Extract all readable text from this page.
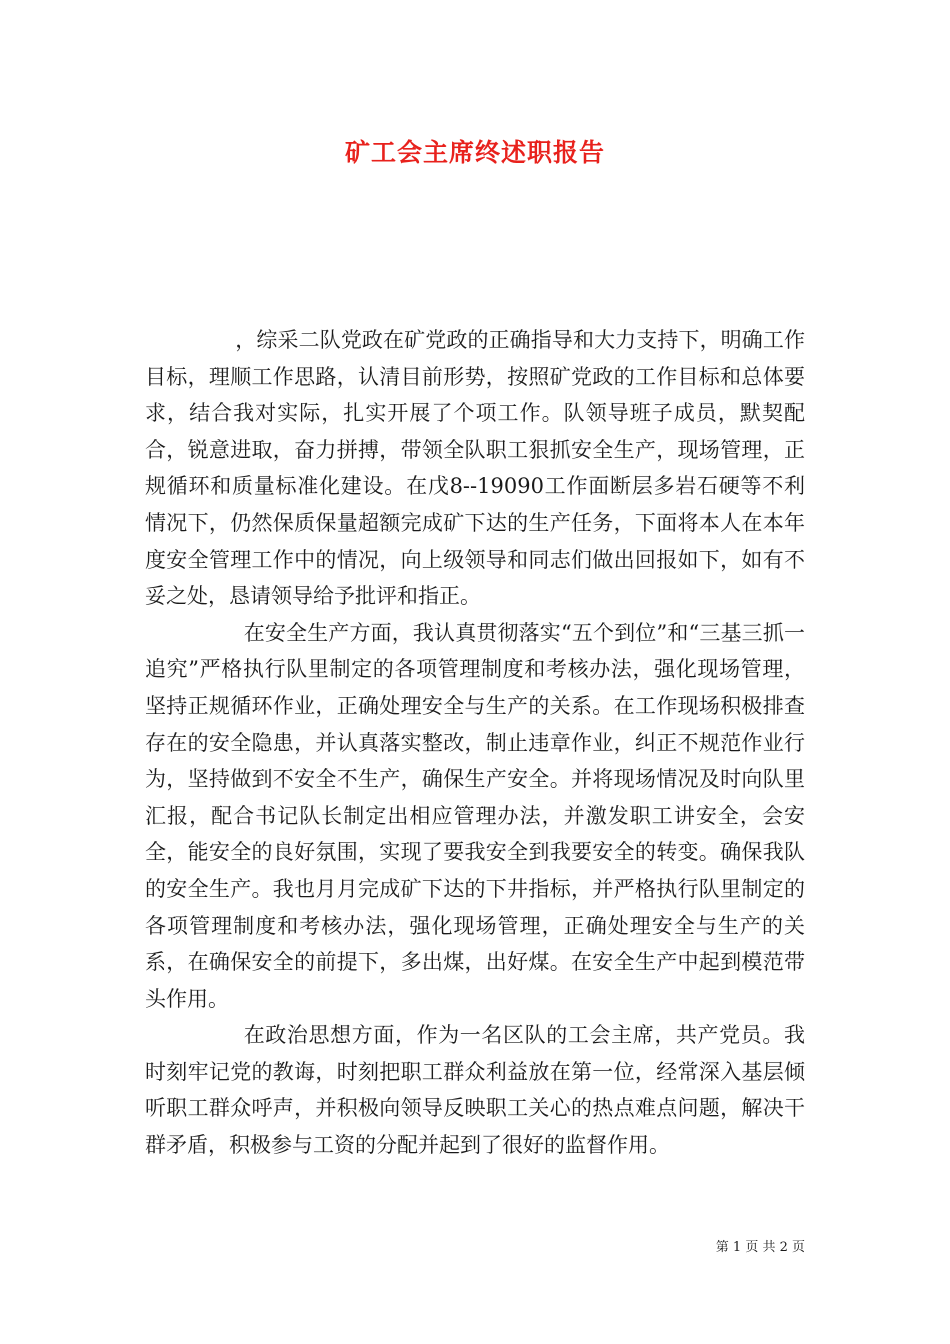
矿工会主席终述职报告

，综采二队党政在矿党政的正确指导和大力支持下，明确工作目标，理顺工作思路，认清目前形势，按照矿党政的工作目标和总体要求，结合我对实际，扎实开展了个项工作。队领导班子成员，默契配合，锐意进取，奋力拼搏，带领全队职工狠抓安全生产，现场管理，正规循环和质量标准化建设。在戊8--19090工作面断层多岩石硬等不利情况下，仍然保质保量超额完成矿下达的生产任务，下面将本人在本年度安全管理工作中的情况，向上级领导和同志们做出回报如下，如有不妥之处，恳请领导给予批评和指正。

在安全生产方面，我认真贯彻落实“五个到位”和“三基三抓一追究”严格执行队里制定的各项管理制度和考核办法，强化现场管理，坚持正规循环作业，正确处理安全与生产的关系。在工作现场积极排查存在的安全隐患，并认真落实整改，制止违章作业，纠正不规范作业行为，坚持做到不安全不生产，确保生产安全。并将现场情况及时向队里汇报，配合书记队长制定出相应管理办法，并激发职工讲安全，会安全，能安全的良好氛围，实现了要我安全到我要安全的转变。确保我队的安全生产。我也月月完成矿下达的下井指标，并严格执行队里制定的各项管理制度和考核办法，强化现场管理，正确处理安全与生产的关系，在确保安全的前提下，多出煤，出好煤。在安全生产中起到模范带头作用。

在政治思想方面，作为一名区队的工会主席，共产党员。我时刻牢记党的教诲，时刻把职工群众利益放在第一位，经常深入基层倾听职工群众呼声，并积极向领导反映职工关心的热点难点问题，解决干群矛盾，积极参与工资的分配并起到了很好的监督作用。

第 1 页 共 2 页
